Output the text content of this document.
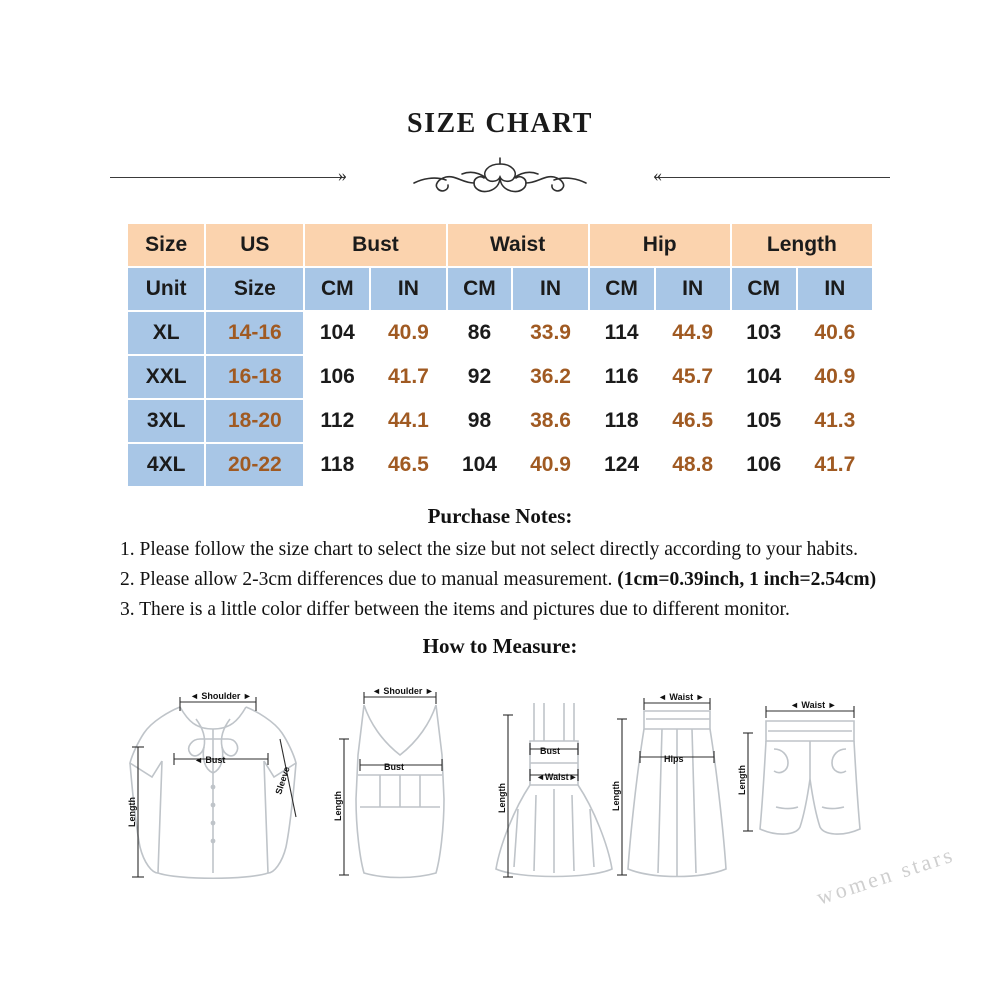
SIZE CHART
»	«
Size	US	Bust		Waist		Hip		Length	
Unit	Size	CM	IN	CM	IN	CM	IN	CM	IN
XL	14-16	104	40.9	86	33.9	114	44.9	103	40.6
XXL	16-18	106	41.7	92	36.2	116	45.7	104	40.9
3XL	18-20	112	44.1	98	38.6	118	46.5	105	41.3
4XL	20-22	118	46.5	104	40.9	124	48.8	106	41.7
Purchase Notes:

1. Please follow the size chart to select the size but not select directly according to your habits.

2. Please allow 2-3cm differences due to manual measurement. (1cm=0.39inch, 1 inch=2.54cm)

3. There is a little color differ between the items and pictures due to different monitor.

How to Measure:
◄ Shoulder ►
Length
◄ Bust
Sleeve
◄ Shoulder ►
Length
Bust
Length
Bust
◄Waist►
Length
◄ Waist ►
Hips
Length
◄ Waist ►
women stars
